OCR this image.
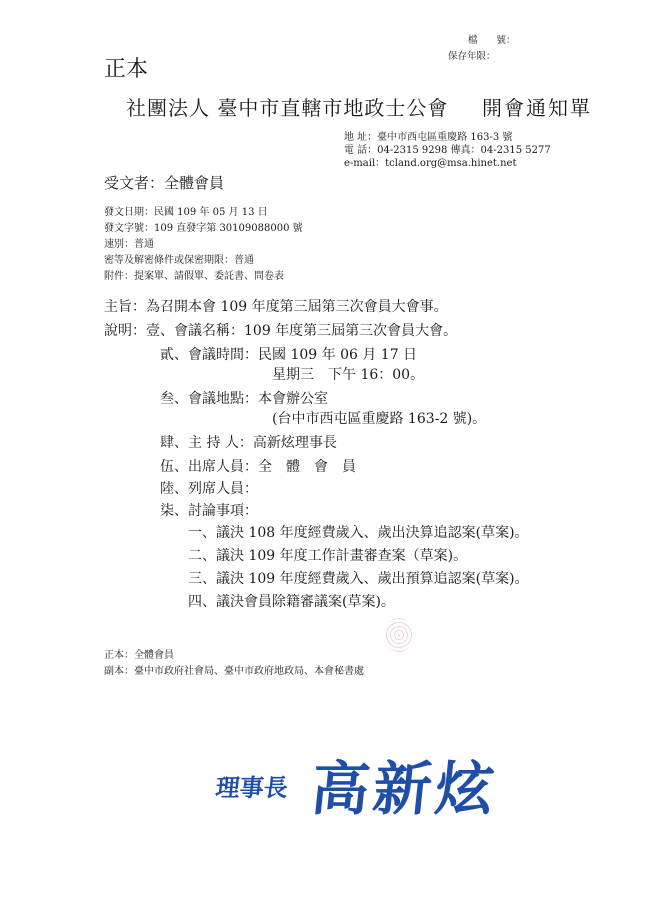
檔　　號：
保存年限：
正本
社團法人 臺中市直轄市地政士公會 開會通知單
地 址：臺中市西屯區重慶路 163-3 號
電 話：04-2315 9298 傳真：04-2315 5277
e-mail：tcland.org@msa.hinet.net
受文者：全體會員
發文日期：民國 109 年 05 月 13 日
發文字號：109 直發字第 30109088000 號
速別：普通
密等及解密條件或保密期限：普通
附件：提案單、請假單、委託書、問卷表
主旨：為召開本會 109 年度第三屆第三次會員大會事。
說明：壹、會議名稱：109 年度第三屆第三次會員大會。
貳、會議時間：民國 109 年 06 月 17 日
星期三　下午 16：00。
叁、會議地點：本會辦公室
(台中市西屯區重慶路 163-2 號)。
肆、主 持 人：高新炫理事長
伍、出席人員：全　體　會　員
陸、列席人員：
柒、討論事項：
一、議決 108 年度經費歲入、歲出決算追認案(草案)。
二、議決 109 年度工作計畫審查案（草案)。
三、議決 109 年度經費歲入、歲出預算追認案(草案)。
四、議決會員除籍審議案(草案)。
正本：全體會員
副本：臺中市政府社會局、臺中市政府地政局、本會秘書處
理事長 高新炫
